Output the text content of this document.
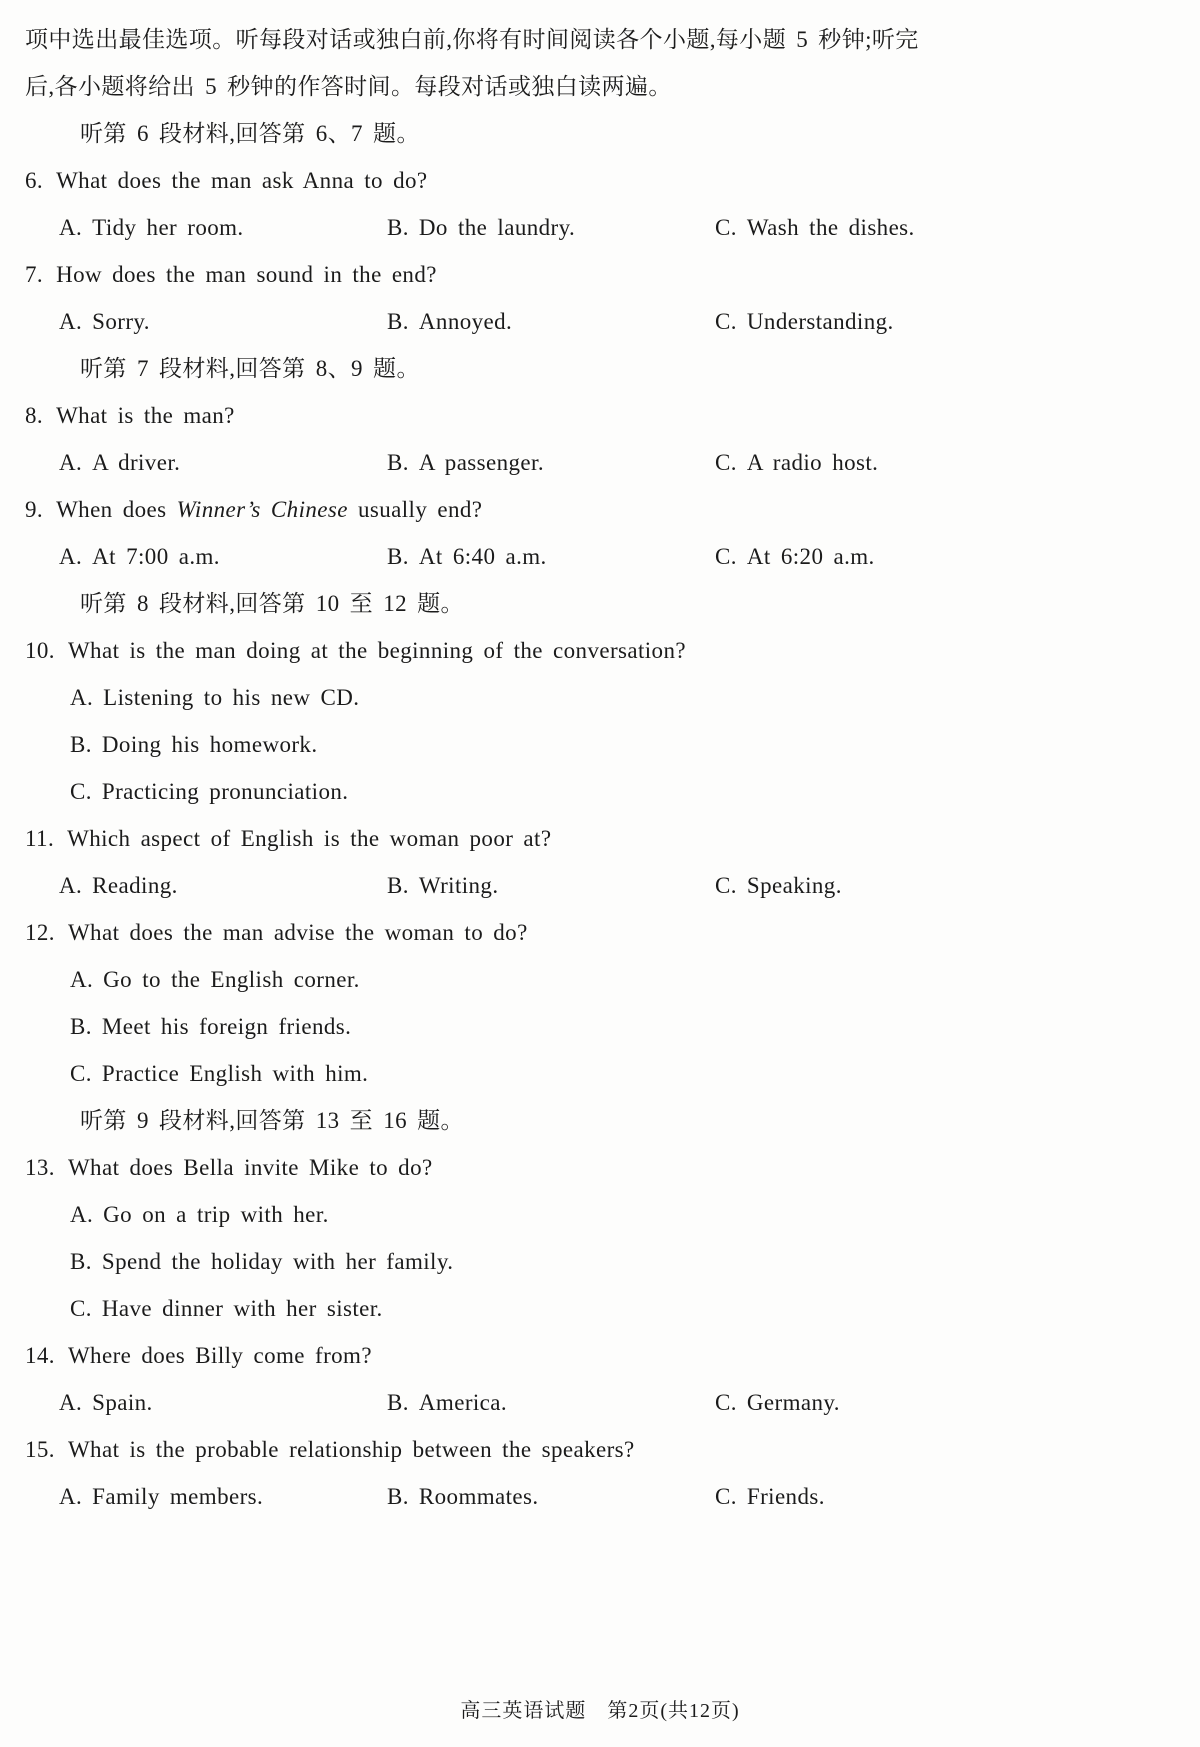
项中选出最佳选项。听每段对话或独白前,你将有时间阅读各个小题,每小题 5 秒钟;听完

后,各小题将给出 5 秒钟的作答时间。每段对话或独白读两遍。

听第 6 段材料,回答第 6、7 题。

6. What does the man ask Anna to do?

A. Tidy her room.	B. Do the laundry.	C. Wash the dishes.

7. How does the man sound in the end?

A. Sorry.	B. Annoyed.	C. Understanding.

听第 7 段材料,回答第 8、9 题。

8. What is the man?

A. A driver.	B. A passenger.	C. A radio host.

9. When does Winner’s Chinese usually end?

A. At 7:00 a.m.	B. At 6:40 a.m.	C. At 6:20 a.m.

听第 8 段材料,回答第 10 至 12 题。

10. What is the man doing at the beginning of the conversation?

A. Listening to his new CD.

B. Doing his homework.

C. Practicing pronunciation.

11. Which aspect of English is the woman poor at?

A. Reading.	B. Writing.	C. Speaking.

12. What does the man advise the woman to do?

A. Go to the English corner.

B. Meet his foreign friends.

C. Practice English with him.

听第 9 段材料,回答第 13 至 16 题。

13. What does Bella invite Mike to do?

A. Go on a trip with her.

B. Spend the holiday with her family.

C. Have dinner with her sister.

14. Where does Billy come from?

A. Spain.	B. America.	C. Germany.

15. What is the probable relationship between the speakers?

A. Family members.	B. Roommates.	C. Friends.
高三英语试题　第2页(共12页)
